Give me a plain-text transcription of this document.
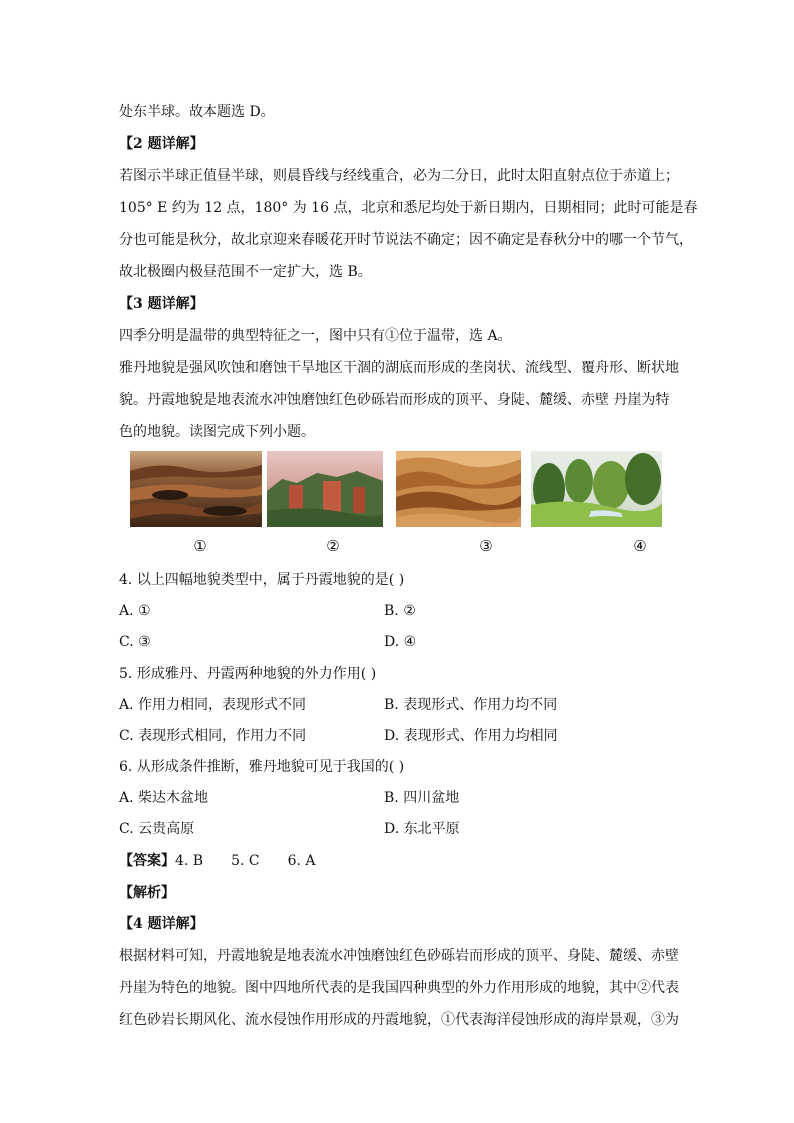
处东半球。故本题选 D。
【2 题详解】
若图示半球正值昼半球，则晨昏线与经线重合，必为二分日，此时太阳直射点位于赤道上；
105° E 约为 12 点，180° 为 16 点，北京和悉尼均处于新日期内，日期相同；此时可能是春
分也可能是秋分，故北京迎来春暖花开时节说法不确定；因不确定是春秋分中的哪一个节气，
故北极圈内极昼范围不一定扩大，选 B。
【3 题详解】
四季分明是温带的典型特征之一，图中只有①位于温带，选 A。
雅丹地貌是强风吹蚀和磨蚀干旱地区干涸的湖底而形成的垄岗状、流线型、覆舟形、断状地
貌。丹霞地貌是地表流水冲蚀磨蚀红色砂砾岩而形成的顶平、身陡、麓缓、赤壁 丹崖为特
色的地貌。读图完成下列小题。
①	②	③	④
4. 以上四幅地貌类型中，属于丹霞地貌的是( )
A. ①	B. ②
C. ③	D. ④
5. 形成雅丹、丹霞两种地貌的外力作用( )
A. 作用力相同，表现形式不同	B. 表现形式、作用力均不同
C. 表现形式相同，作用力不同	D. 表现形式、作用力均相同
6. 从形成条件推断，雅丹地貌可见于我国的( )
A. 柴达木盆地	B. 四川盆地
C. 云贵高原	D. 东北平原
【答案】4. B　　5. C　　6. A
【解析】
【4 题详解】
根据材料可知，丹霞地貌是地表流水冲蚀磨蚀红色砂砾岩而形成的顶平、身陡、麓缓、赤壁
丹崖为特色的地貌。图中四地所代表的是我国四种典型的外力作用形成的地貌，其中②代表
红色砂岩长期风化、流水侵蚀作用形成的丹霞地貌，①代表海洋侵蚀形成的海岸景观，③为
